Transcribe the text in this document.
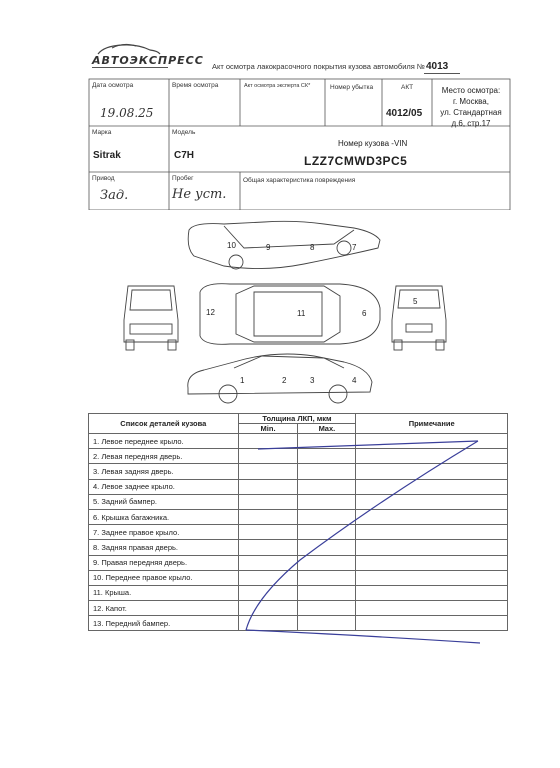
АВТОЭКСПРЕСС Акт осмотра лакокрасочного покрытия кузова автомобиля № 4013
Дата осмотра
19.08.25
Время осмотра	Акт осмотра эксперта СК*	Номер убытка	АКТ
4012/05
Место осмотра:
г. Москва,
ул. Стандартная
д.6, стр.17
Марка
Sitrak
Модель
C7H
Номер кузова -VIN
LZZ7CMWD3PC5
Привод
Зад.
Пробег
Не уст.
Общая характеристика повреждения
10	9	8	7
5
12	11	6
1	2	3	4
Список деталей кузова	Толщина ЛКП, мкм		Примечание
	Min.	Max.	
1. Левое переднее крыло.			
2. Левая передняя дверь.			
3. Левая задняя дверь.			
4. Левое заднее крыло.			
5. Задний бампер.			
6. Крышка багажника.			
7. Заднее правое крыло.			
8. Задняя правая дверь.			
9. Правая передняя дверь.			
10. Переднее правое крыло.			
11. Крыша.			
12. Капот.			
13. Передний бампер.			
